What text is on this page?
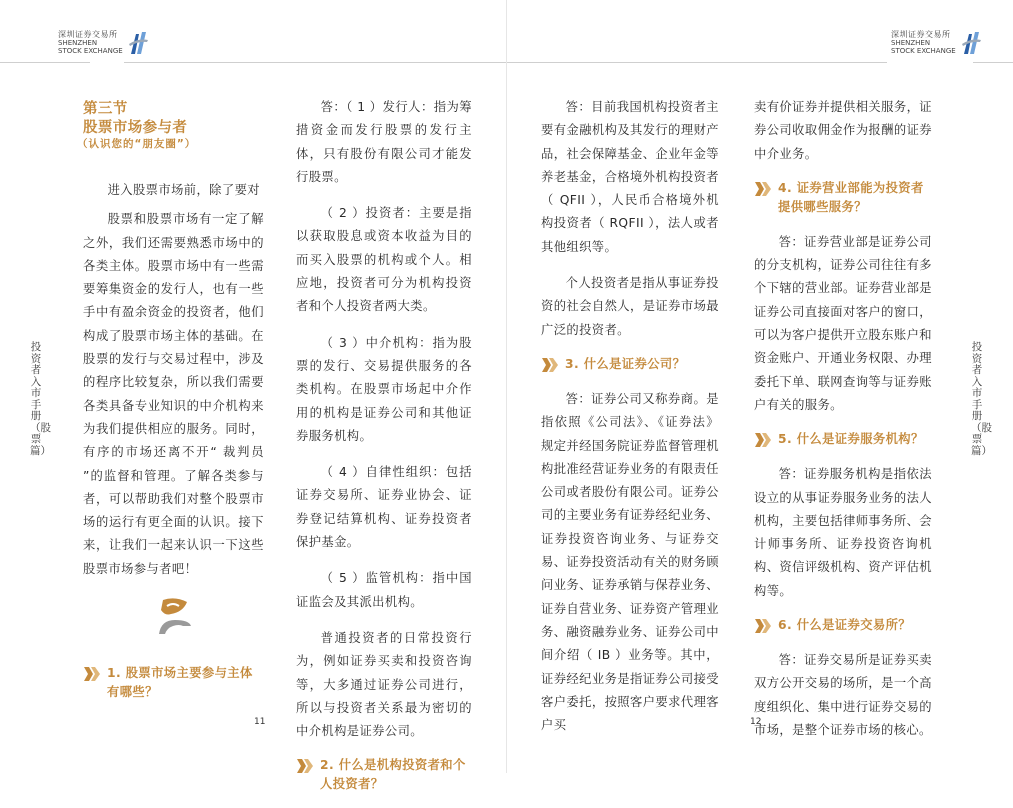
深圳证券交易所
SHENZHEN
STOCK EXCHANGE
投资者入市手册（股票篇）
第三节
股票市场参与者
（认识您的“朋友圈”）

进入股票市场前，除了要对

股票和股票市场有一定了解之外，我们还需要熟悉市场中的各类主体。股票市场中有一些需要筹集资金的发行人，也有一些手中有盈余资金的投资者，他们构成了股票市场主体的基础。在股票的发行与交易过程中，涉及的程序比较复杂，所以我们需要各类具备专业知识的中介机构来为我们提供相应的服务。同时，有序的市场还离不开“ 裁判员 ”的监督和管理。了解各类参与者，可以帮助我们对整个股票市场的运行有更全面的认识。接下来，让我们一起来认识一下这些股票市场参与者吧！

1. 股票市场主要参与主体有哪些？

答：（ 1 ）发行人：指为筹措资金而发行股票的发行主体，只有股份有限公司才能发行股票。

（ 2 ）投资者：主要是指以获取股息或资本收益为目的而买入股票的机构或个人。相应地，投资者可分为机构投资者和个人投资者两大类。

（ 3 ）中介机构：指为股票的发行、交易提供服务的各类机构。在股票市场起中介作用的机构是证券公司和其他证券服务机构。

（ 4 ）自律性组织：包括证券交易所、证券业协会、证券登记结算机构、证券投资者保护基金。

（ 5 ）监管机构：指中国证监会及其派出机构。

普通投资者的日常投资行为，例如证券买卖和投资咨询等，大多通过证券公司进行，所以与投资者关系最为密切的中介机构是证券公司。

2. 什么是机构投资者和个人投资者？
11
深圳证券交易所
SHENZHEN
STOCK EXCHANGE
投资者入市手册（股票篇）

答：目前我国机构投资者主要有金融机构及其发行的理财产品，社会保障基金、企业年金等养老基金，合格境外机构投资者（ QFII ），人民币合格境外机构投资者（ RQFII ），法人或者其他组织等。

个人投资者是指从事证券投资的社会自然人，是证券市场最广泛的投资者。

3. 什么是证券公司？

答：证券公司又称券商。是指依照《公司法》、《证券法》规定并经国务院证券监督管理机构批准经营证券业务的有限责任公司或者股份有限公司。证券公司的主要业务有证券经纪业务、证券投资咨询业务、与证券交易、证券投资活动有关的财务顾问业务、证券承销与保荐业务、证券自营业务、证券资产管理业务、融资融券业务、证券公司中间介绍（ IB ）业务等。其中，证券经纪业务是指证券公司接受客户委托，按照客户要求代理客户买

卖有价证券并提供相关服务，证券公司收取佣金作为报酬的证券中介业务。

4. 证券营业部能为投资者提供哪些服务？

答：证券营业部是证券公司的分支机构，证券公司往往有多个下辖的营业部。证券营业部是证券公司直接面对客户的窗口，可以为客户提供开立股东账户和资金账户、开通业务权限、办理委托下单、联网查询等与证券账户有关的服务。

5. 什么是证券服务机构？

答：证券服务机构是指依法设立的从事证券服务业务的法人机构，主要包括律师事务所、会计师事务所、证券投资咨询机构、资信评级机构、资产评估机构等。

6. 什么是证券交易所？

答：证券交易所是证券买卖双方公开交易的场所，是一个高度组织化、集中进行证券交易的市场，是整个证券市场的核心。

12
